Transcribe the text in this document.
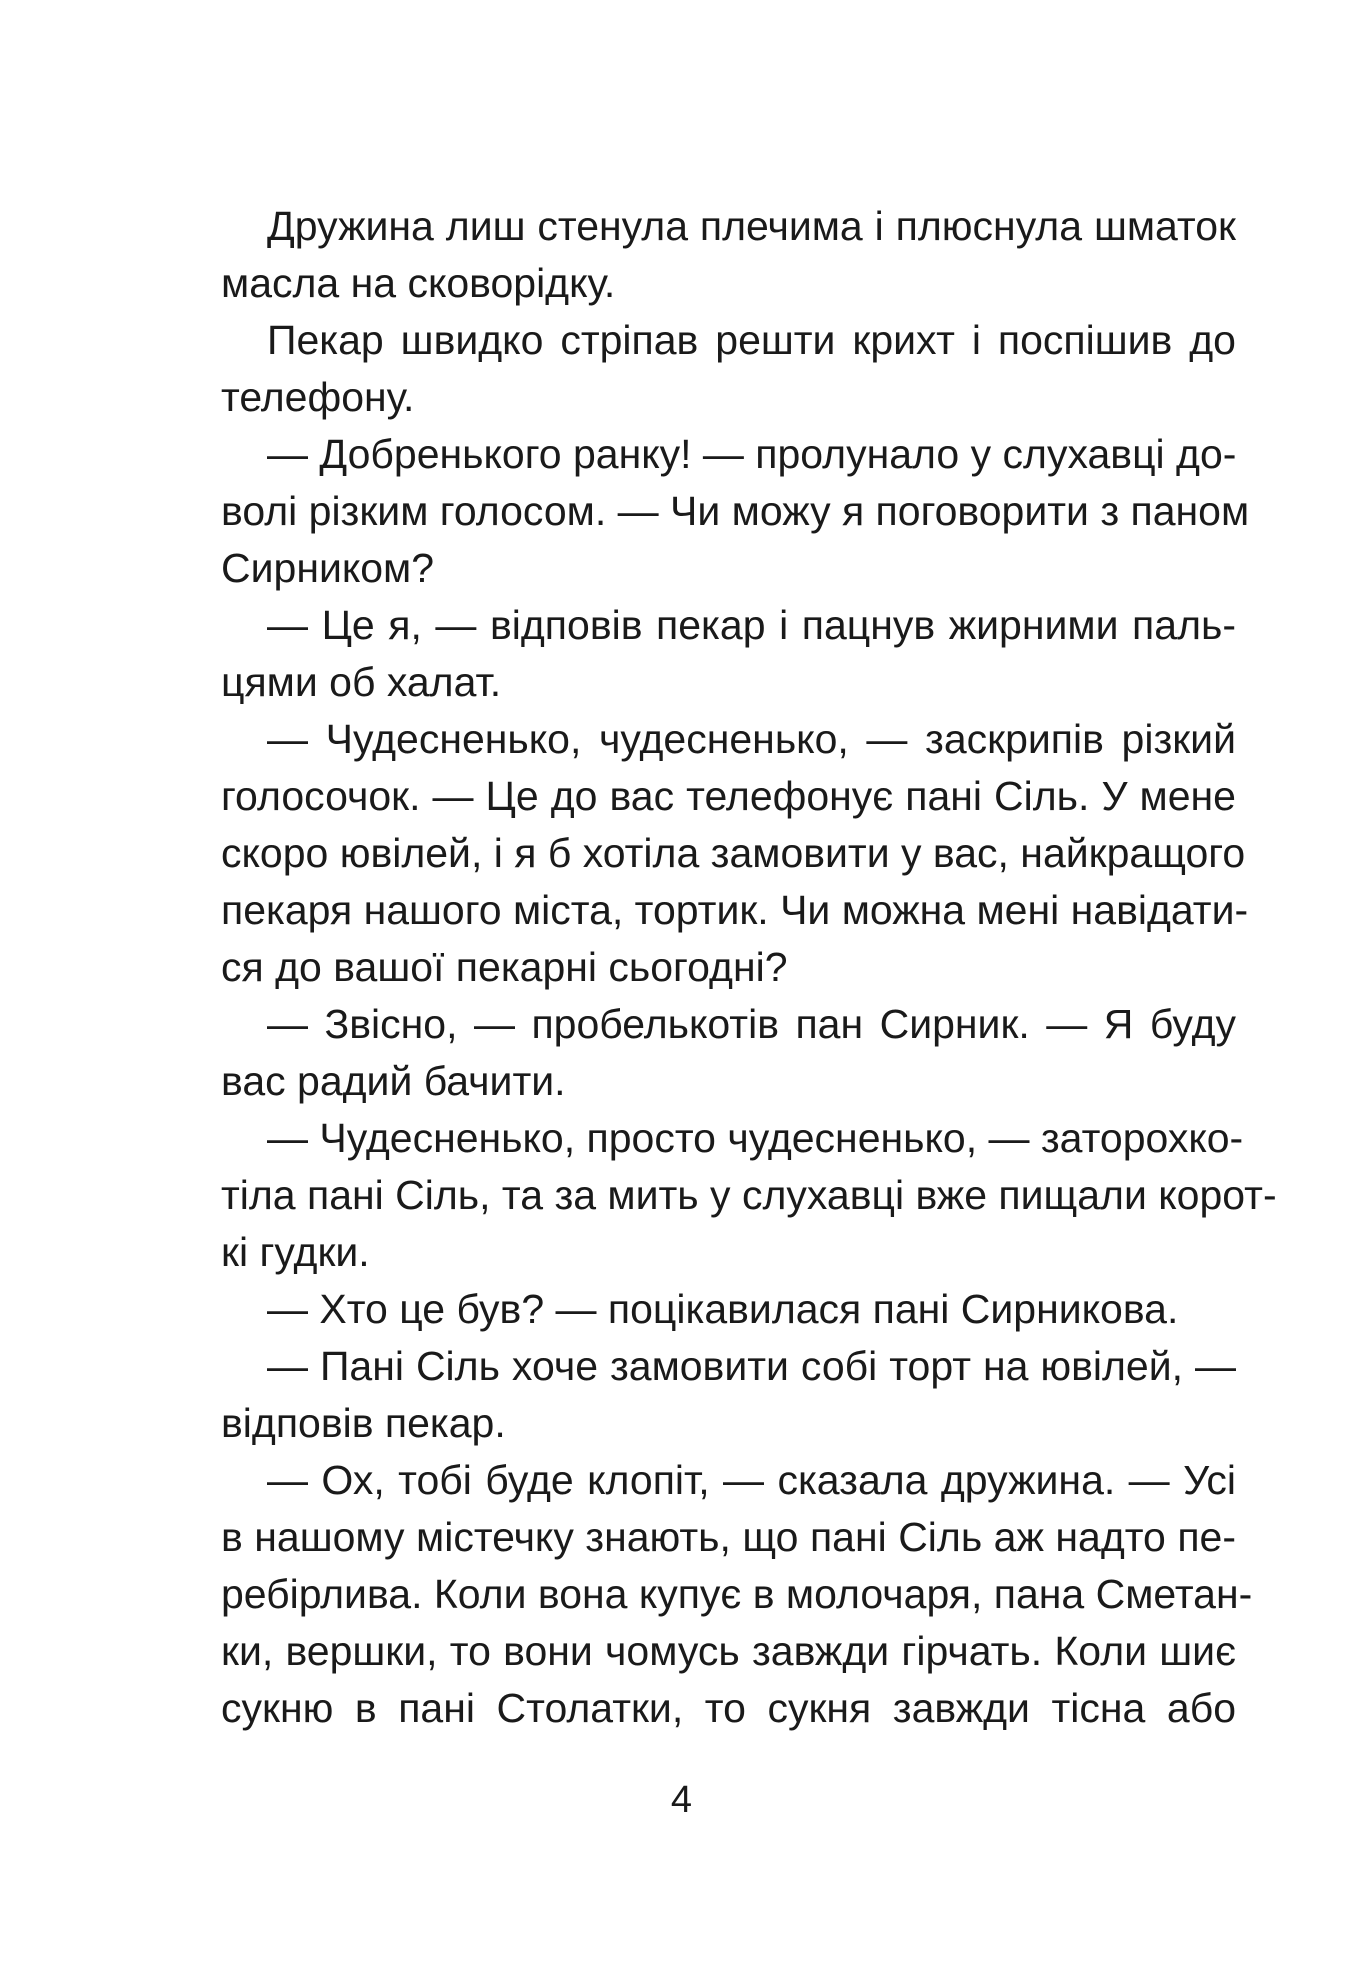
Дружина лиш стенула плечима і плюснула шматок
масла на сковорідку.
Пекар швидко стріпав решти крихт і поспішив до
телефону.
— Добренького ранку! — пролунало у слухавці до-
волі різким голосом. — Чи можу я поговорити з паном
Сирником?
— Це я, — відповів пекар і пацнув жирними паль-
цями об халат.
— Чудесненько, чудесненько, — заскрипів різкий
голосочок. — Це до вас телефонує пані Сіль. У мене
скоро ювілей, і я б хотіла замовити у вас, найкращого
пекаря нашого міста, тортик. Чи можна мені навідати-
ся до вашої пекарні сьогодні?
— Звісно, — пробелькотів пан Сирник. — Я буду
вас радий бачити.
— Чудесненько, просто чудесненько, — заторохко-
тіла пані Сіль, та за мить у слухавці вже пищали корот-
кі гудки.
— Хто це був? — поцікавилася пані Сирникова.
— Пані Сіль хоче замовити собі торт на ювілей, —
відповів пекар.
— Ох, тобі буде клопіт, — сказала дружина. — Усі
в нашому містечку знають, що пані Сіль аж надто пе-
ребірлива. Коли вона купує в молочаря, пана Сметан-
ки, вершки, то вони чомусь завжди гірчать. Коли шиє
сукню в пані Столатки, то сукня завжди тісна або
4
